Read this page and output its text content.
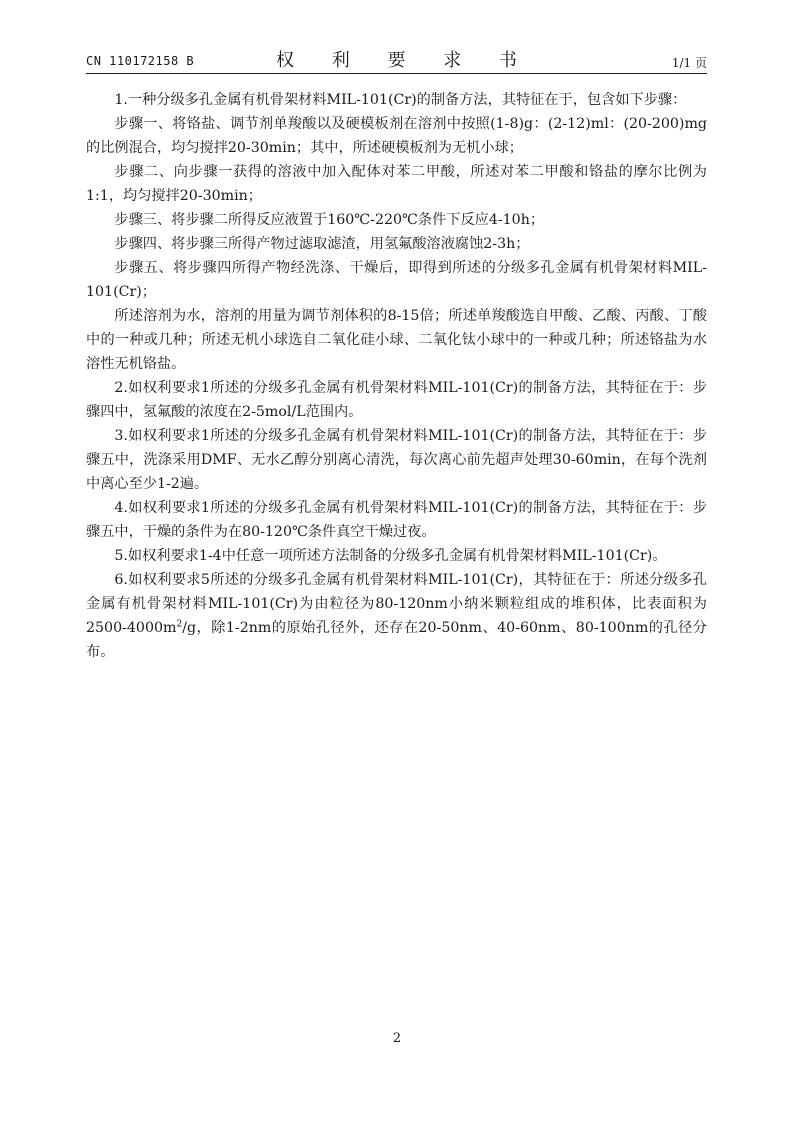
CN 110172158 B	权 利 要 求 书	1/1 页

1.一种分级多孔金属有机骨架材料MIL-101(Cr)的制备方法，其特征在于，包含如下步骤：

步骤一、将铬盐、调节剂单羧酸以及硬模板剂在溶剂中按照(1-8)g：(2-12)ml：(20-200)mg的比例混合，均匀搅拌20-30min；其中，所述硬模板剂为无机小球；

步骤二、向步骤一获得的溶液中加入配体对苯二甲酸，所述对苯二甲酸和铬盐的摩尔比例为1:1，均匀搅拌20-30min；

步骤三、将步骤二所得反应液置于160℃-220℃条件下反应4-10h；

步骤四、将步骤三所得产物过滤取滤渣，用氢氟酸溶液腐蚀2-3h；

步骤五、将步骤四所得产物经洗涤、干燥后，即得到所述的分级多孔金属有机骨架材料MIL-101(Cr)；

所述溶剂为水，溶剂的用量为调节剂体积的8-15倍；所述单羧酸选自甲酸、乙酸、丙酸、丁酸中的一种或几种；所述无机小球选自二氧化硅小球、二氧化钛小球中的一种或几种；所述铬盐为水溶性无机铬盐。

2.如权利要求1所述的分级多孔金属有机骨架材料MIL-101(Cr)的制备方法，其特征在于：步骤四中，氢氟酸的浓度在2-5mol/L范围内。

3.如权利要求1所述的分级多孔金属有机骨架材料MIL-101(Cr)的制备方法，其特征在于：步骤五中，洗涤采用DMF、无水乙醇分别离心清洗，每次离心前先超声处理30-60min，在每个洗剂中离心至少1-2遍。

4.如权利要求1所述的分级多孔金属有机骨架材料MIL-101(Cr)的制备方法，其特征在于：步骤五中，干燥的条件为在80-120℃条件真空干燥过夜。

5.如权利要求1-4中任意一项所述方法制备的分级多孔金属有机骨架材料MIL-101(Cr)。

6.如权利要求5所述的分级多孔金属有机骨架材料MIL-101(Cr)，其特征在于：所述分级多孔金属有机骨架材料MIL-101(Cr)为由粒径为80-120nm小纳米颗粒组成的堆积体，比表面积为$2500-4000m^2/g$，除1-2nm的原始孔径外，还存在20-50nm、40-60nm、80-100nm的孔径分布。

2
